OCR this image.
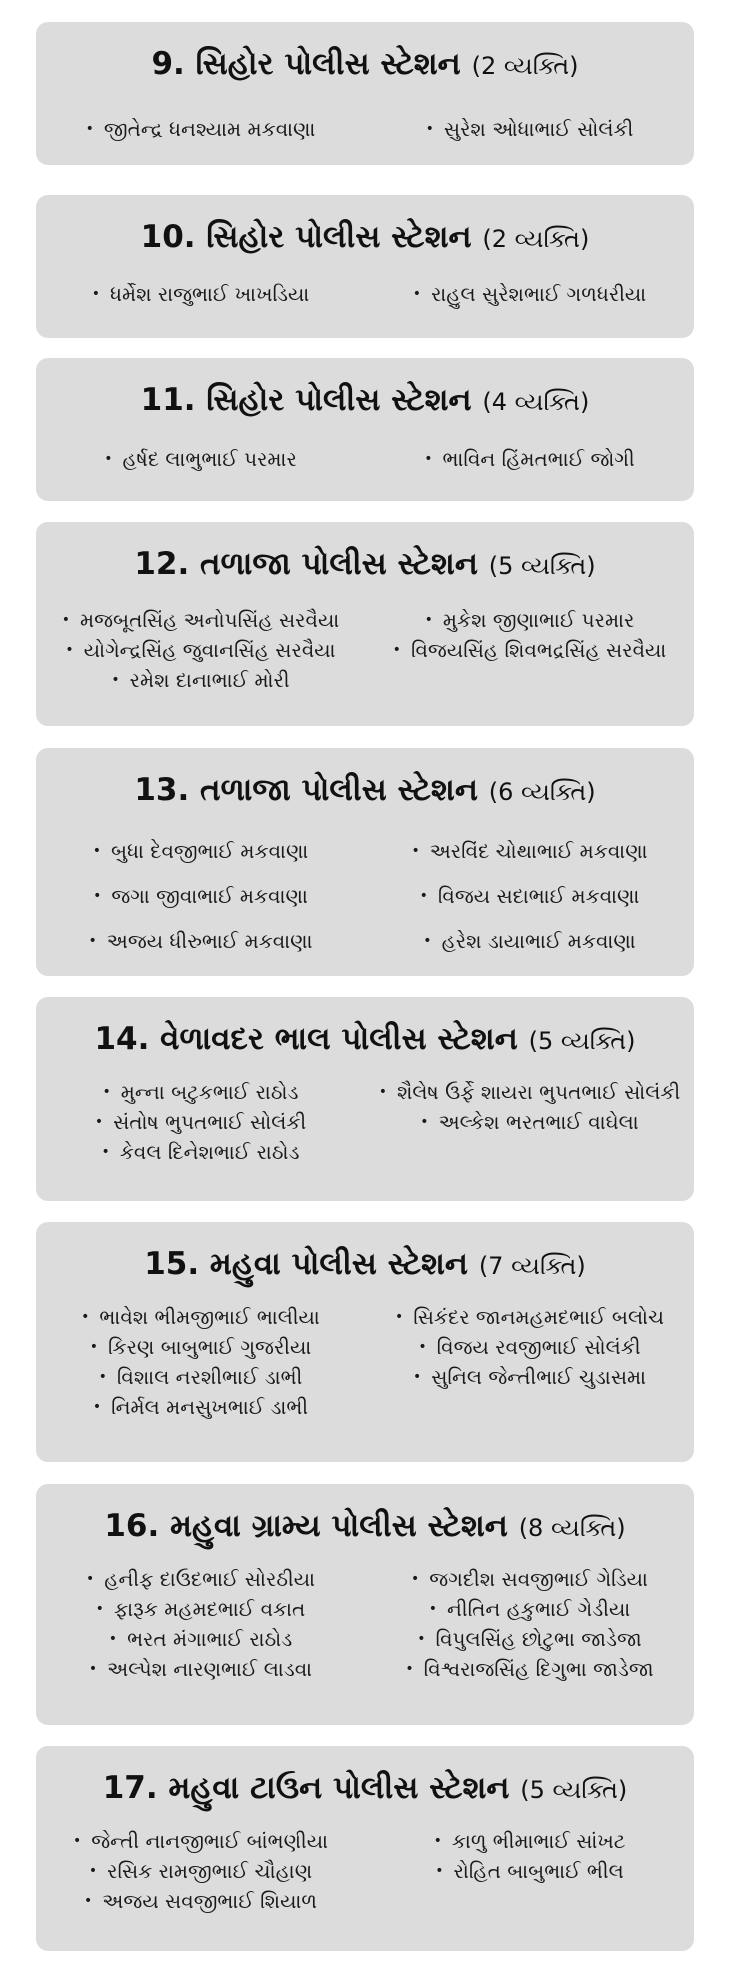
9. સિહોર પોલીસ સ્ટેશન (2 વ્યક્તિ)
• જીતેન્દ્ર ધનશ્યામ મકવાણા	• સુરેશ ઓધાભાઈ સોલંકી
10. સિહોર પોલીસ સ્ટેશન (2 વ્યક્તિ)
• ધર્મેશ રાજુભાઈ ખાખડિયા	• રાહુલ સુરેશભાઈ ગળધરીયા
11. સિહોર પોલીસ સ્ટેશન (4 વ્યક્તિ)
• હર્ષદ લાભુભાઈ પરમાર	• ભાવિન હિંમતભાઈ જોગી
12. તળાજા પોલીસ સ્ટેશન (5 વ્યક્તિ)
• મજબૂતસિંહ અનોપસિંહ સરવૈયા	• મુકેશ જીણાભાઈ પરમાર
• યોગેન્દ્રસિંહ જુવાનસિંહ સરવૈયા	• વિજયસિંહ શિવભદ્રસિંહ સરવૈયા
• રમેશ દાનાભાઈ મોરી
13. તળાજા પોલીસ સ્ટેશન (6 વ્યક્તિ)
• બુધા દેવજીભાઈ મકવાણા	• અરવિંદ ચોથાભાઈ મકવાણા
• જગા જીવાભાઈ મકવાણા	• વિજય સદાભાઈ મકવાણા
• અજય ધીરુભાઈ મકવાણા	• હરેશ ડાયાભાઈ મકવાણા
14. વેળાવદર ભાલ પોલીસ સ્ટેશન (5 વ્યક્તિ)
• મુન્ના બટુકભાઈ રાઠોડ	• શૈલેષ ઉર્ફે શાયરા ભુપતભાઈ સોલંકી
• સંતોષ ભુપતભાઈ સોલંકી	• અલ્કેશ ભરતભાઈ વાઘેલા
• કેવલ દિનેશભાઈ રાઠોડ
15. મહુવા પોલીસ સ્ટેશન (7 વ્યક્તિ)
• ભાવેશ ભીમજીભાઈ ભાલીયા	• સિકંદર જાનમહમદભાઈ બલોચ
• કિરણ બાબુભાઈ ગુજરીયા	• વિજય રવજીભાઈ સોલંકી
• વિશાલ નરશીભાઈ ડાભી	• સુનિલ જેન્તીભાઈ ચુડાસમા
• નિર્મલ મનસુખભાઈ ડાભી
16. મહુવા ગ્રામ્ય પોલીસ સ્ટેશન (8 વ્યક્તિ)
• હનીફ દાઉદભાઈ સોરઠીયા	• જગદીશ સવજીભાઈ ગેડિયા
• ફારૂક મહમદભાઈ વકાત	• નીતિન હકુભાઈ ગેડીયા
• ભરત મંગાભાઈ રાઠોડ	• વિપુલસિંહ છોટુભા જાડેજા
• અલ્પેશ નારણભાઈ લાડવા	• વિશ્વરાજસિંહ દિગુભા જાડેજા
17. મહુવા ટાઉન પોલીસ સ્ટેશન (5 વ્યક્તિ)
• જેન્તી નાનજીભાઈ બાંભણીયા	• કાળુ ભીમાભાઈ સાંખટ
• રસિક રામજીભાઈ ચૌહાણ	• રોહિત બાબુભાઈ ભીલ
• અજય સવજીભાઈ શિયાળ
